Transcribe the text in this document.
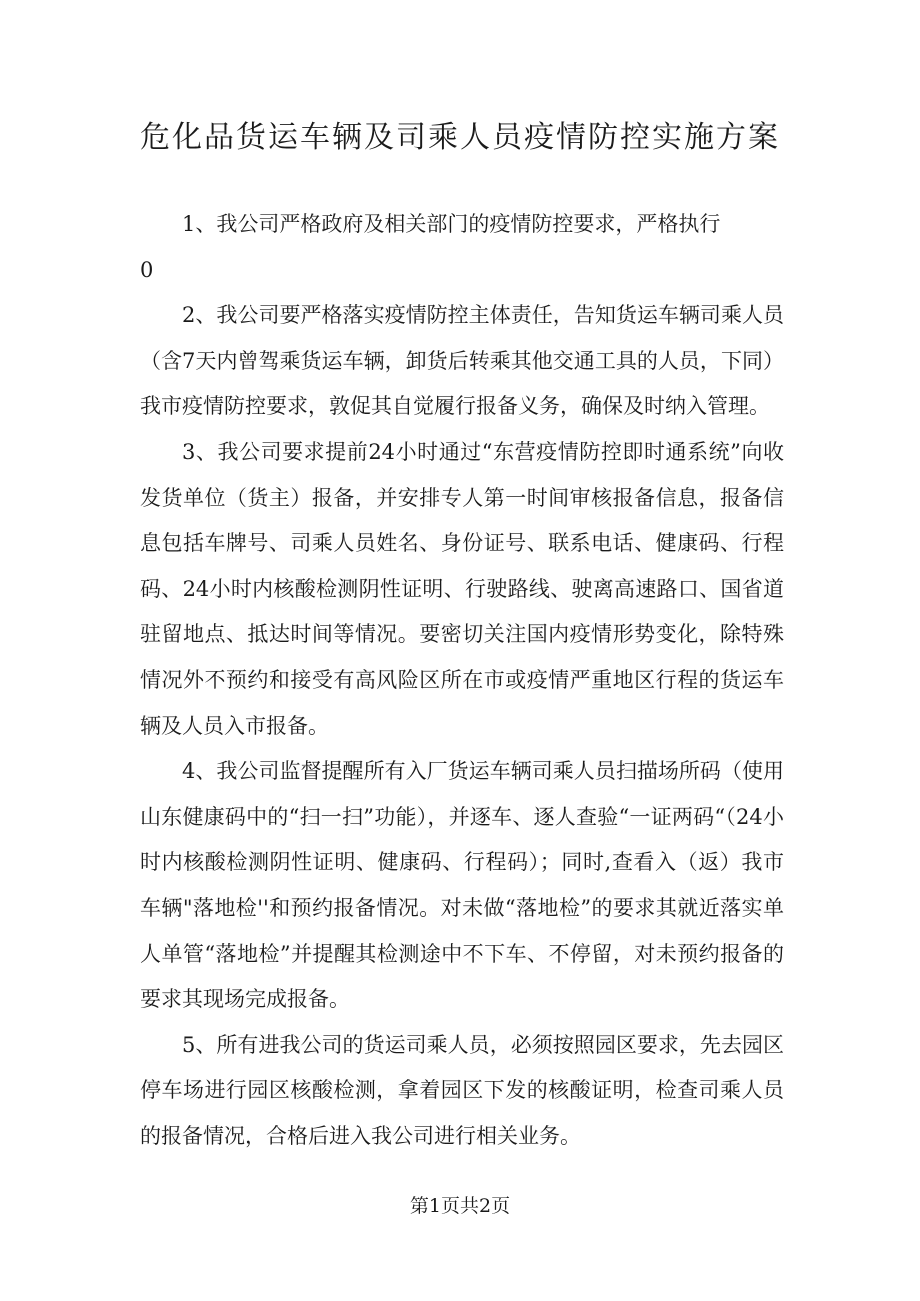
危化品货运车辆及司乘人员疫情防控实施方案

1、我公司严格政府及相关部门的疫情防控要求，严格执行

0

2、我公司要严格落实疫情防控主体责任，告知货运车辆司乘人员（含7天内曾驾乘货运车辆，卸货后转乘其他交通工具的人员，下同）我市疫情防控要求，敦促其自觉履行报备义务，确保及时纳入管理。

3、我公司要求提前24小时通过“东营疫情防控即时通系统”向收发货单位（货主）报备，并安排专人第一时间审核报备信息，报备信息包括车牌号、司乘人员姓名、身份证号、联系电话、健康码、行程码、24小时内核酸检测阴性证明、行驶路线、驶离高速路口、国省道驻留地点、抵达时间等情况。要密切关注国内疫情形势变化，除特殊情况外不预约和接受有高风险区所在市或疫情严重地区行程的货运车辆及人员入市报备。

4、我公司监督提醒所有入厂货运车辆司乘人员扫描场所码（使用山东健康码中的“扫一扫”功能），并逐车、逐人查验“一证两码“（24小时内核酸检测阴性证明、健康码、行程码）；同时,查看入（返）我市车辆"落地检''和预约报备情况。对未做“落地检”的要求其就近落实单人单管“落地检”并提醒其检测途中不下车、不停留，对未预约报备的要求其现场完成报备。

5、所有进我公司的货运司乘人员，必须按照园区要求，先去园区停车场进行园区核酸检测，拿着园区下发的核酸证明，检查司乘人员的报备情况，合格后进入我公司进行相关业务。

第1页共2页
